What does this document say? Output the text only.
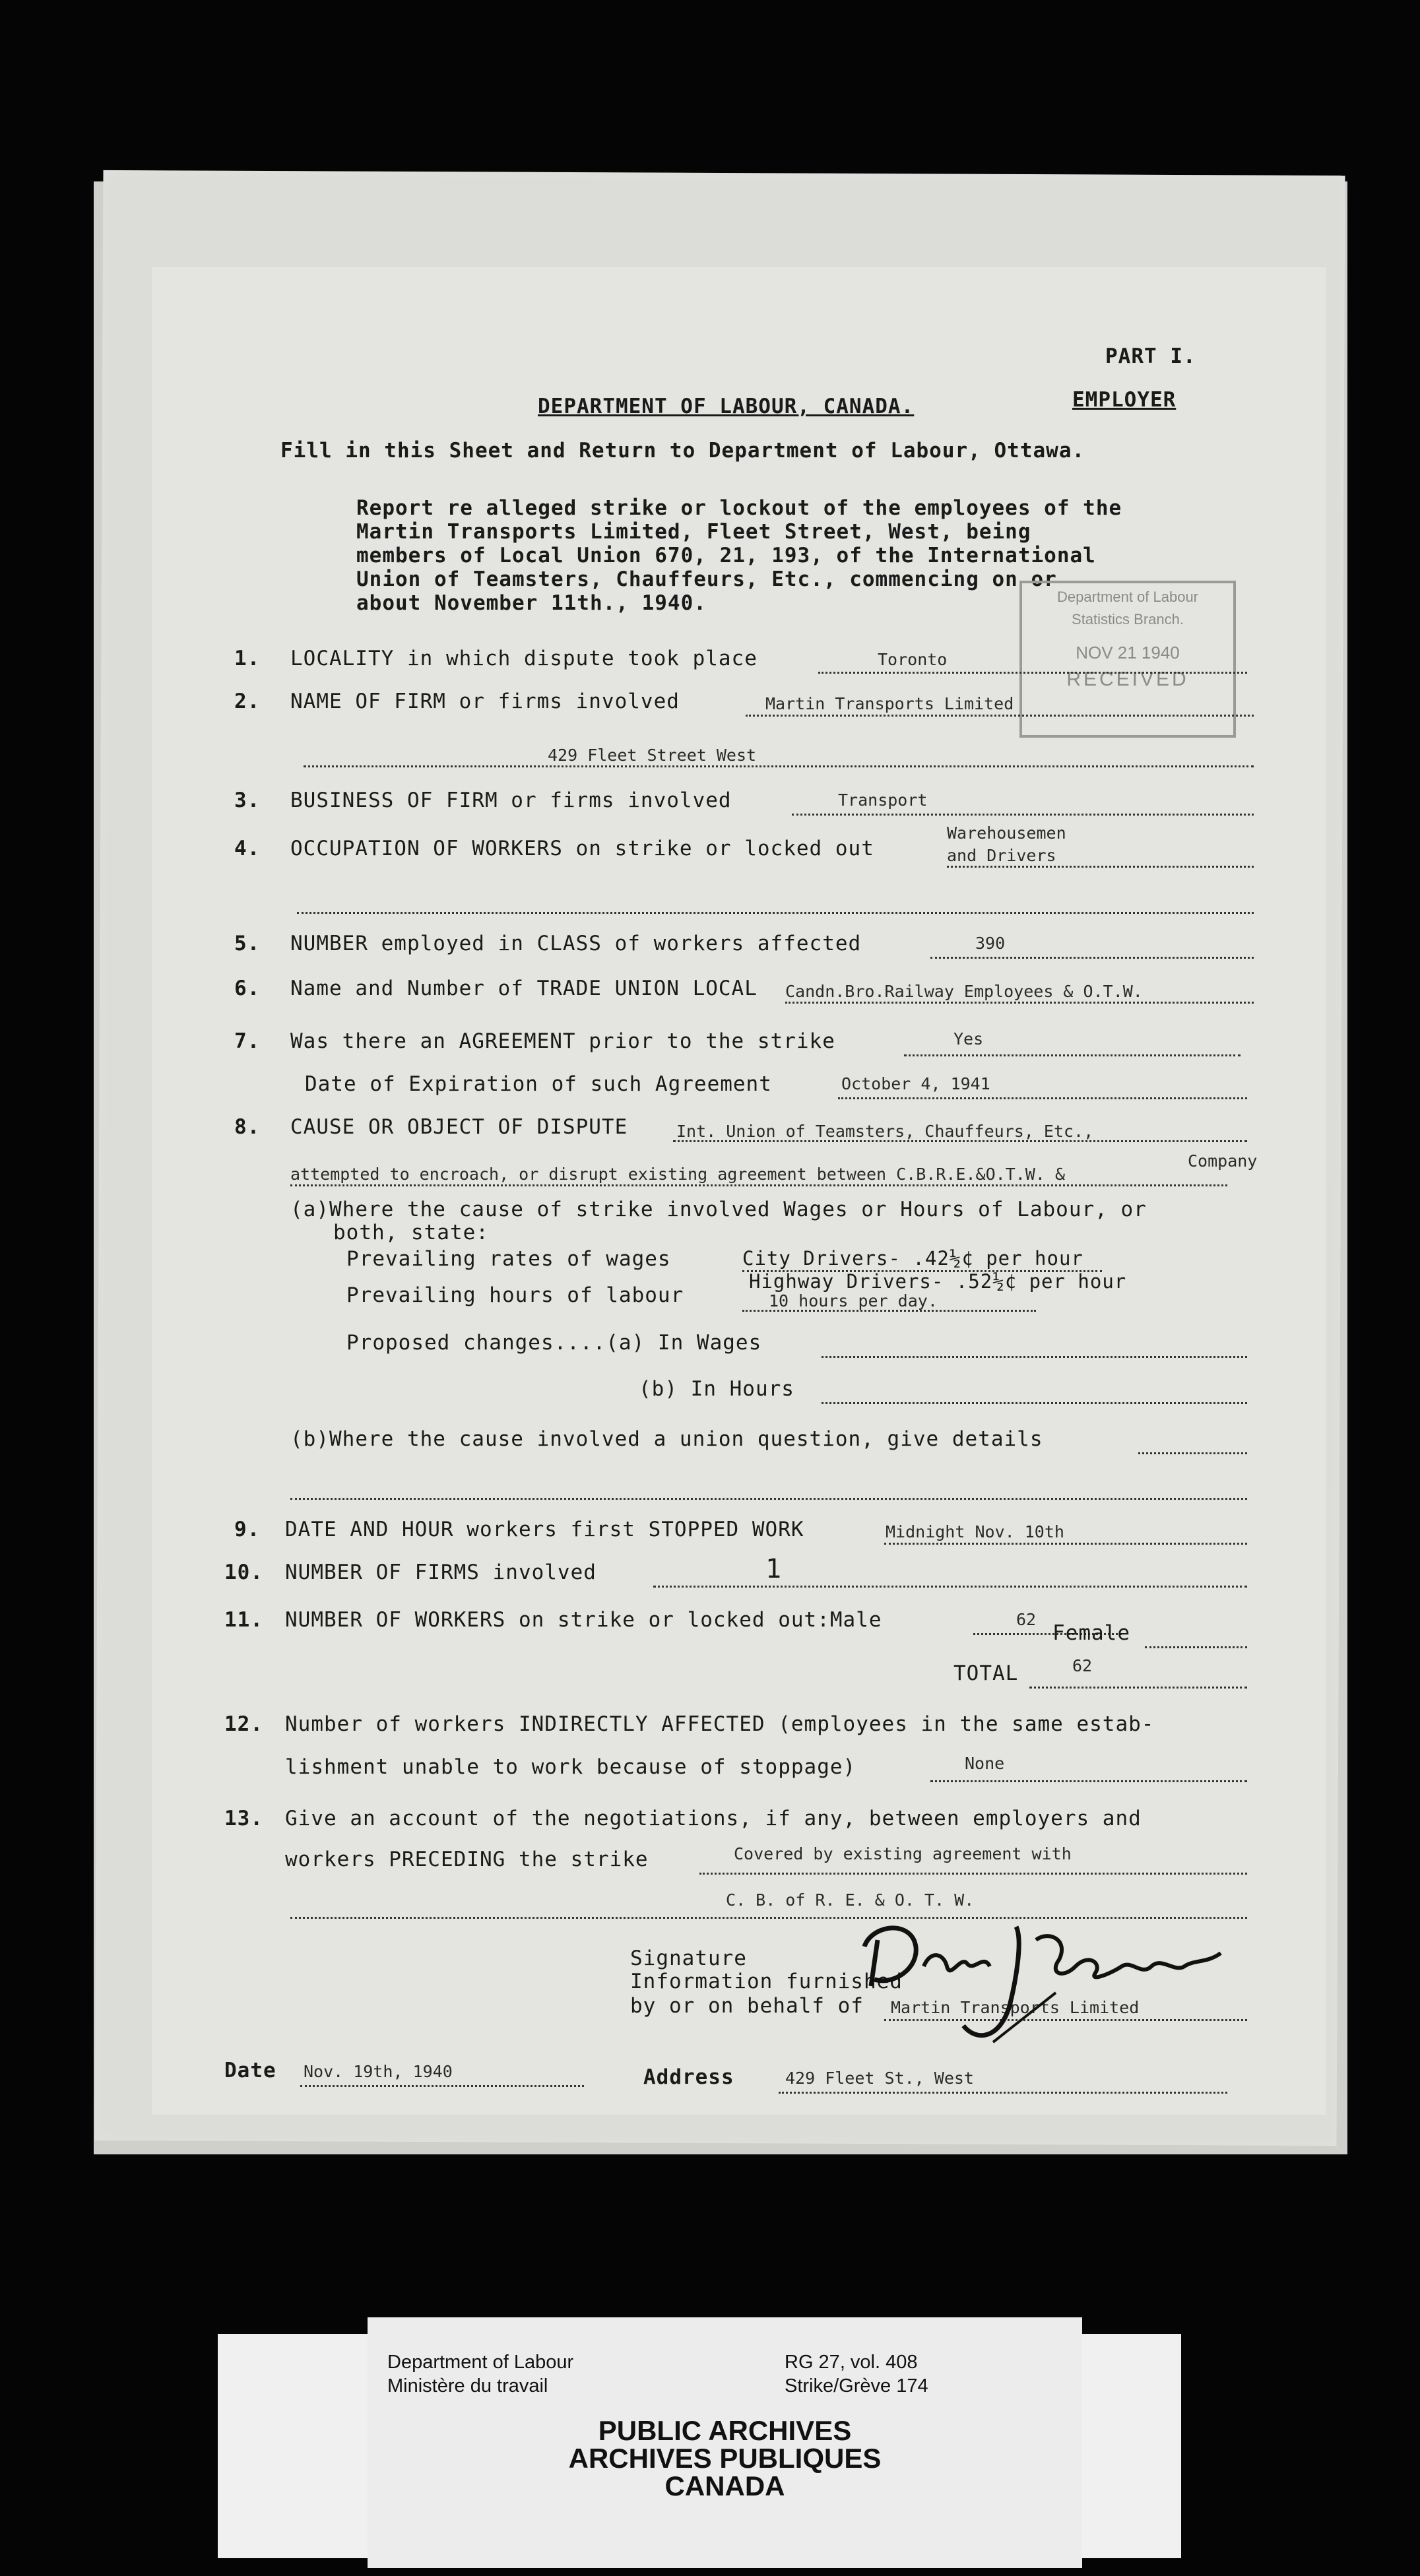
PART I.
EMPLOYER
DEPARTMENT OF LABOUR, CANADA.
Fill in this Sheet and Return to Department of Labour, Ottawa.
Report re alleged strike or lockout of the employees of the
Martin Transports Limited, Fleet Street, West, being
members of Local Union 670, 21, 193, of the International
Union of Teamsters, Chauffeurs, Etc., commencing on or
about November 11th., 1940.	Department of Labour
Statistics Branch.
NOV 21 1940
RECEIVED
1. LOCALITY in which dispute took place	Toronto
2. NAME OF FIRM or firms involved	Martin Transports Limited
429 Fleet Street West
3. BUSINESS OF FIRM or firms involved	Transport
4. OCCUPATION OF WORKERS on strike or locked out
Warehousemen
and Drivers
5. NUMBER employed in CLASS of workers affected	390
6. Name and Number of TRADE UNION LOCAL Candn.Bro.Railway Employees & O.T.W.
7. Was there an AGREEMENT prior to the strike	Yes
Date of Expiration of such Agreement	October 4, 1941
8. CAUSE OR OBJECT OF DISPUTE	Int. Union of Teamsters, Chauffeurs, Etc.,
Company
attempted to encroach, or disrupt existing agreement between C.B.R.E.&O.T.W. &
(a)Where the cause of strike involved Wages or Hours of Labour, or
both, state:
Prevailing rates of wages	City Drivers- .42½¢ per hour
Highway Drivers- .52½¢ per hour
Prevailing hours of labour	10 hours per day.
Proposed changes....(a) In Wages
(b) In Hours
(b)Where the cause involved a union question, give details
9. DATE AND HOUR workers first STOPPED WORK	Midnight Nov. 10th
10. NUMBER OF FIRMS involved	1
11. NUMBER OF WORKERS on strike or locked out:Male	62
Female
TOTAL	62
12. Number of workers INDIRECTLY AFFECTED (employees in the same estab-
lishment unable to work because of stoppage)	None
13. Give an account of the negotiations, if any, between employers and
workers PRECEDING the strike	Covered by existing agreement with
C. B. of R. E. & O. T. W.
Signature
Information furnished
by or on behalf of Martin Transports Limited
Date Nov. 19th, 1940	Address	429 Fleet St., West
Department of Labour
Ministère du travail
RG 27, vol. 408
Strike/Grève 174
PUBLIC ARCHIVES
ARCHIVES PUBLIQUES
CANADA
